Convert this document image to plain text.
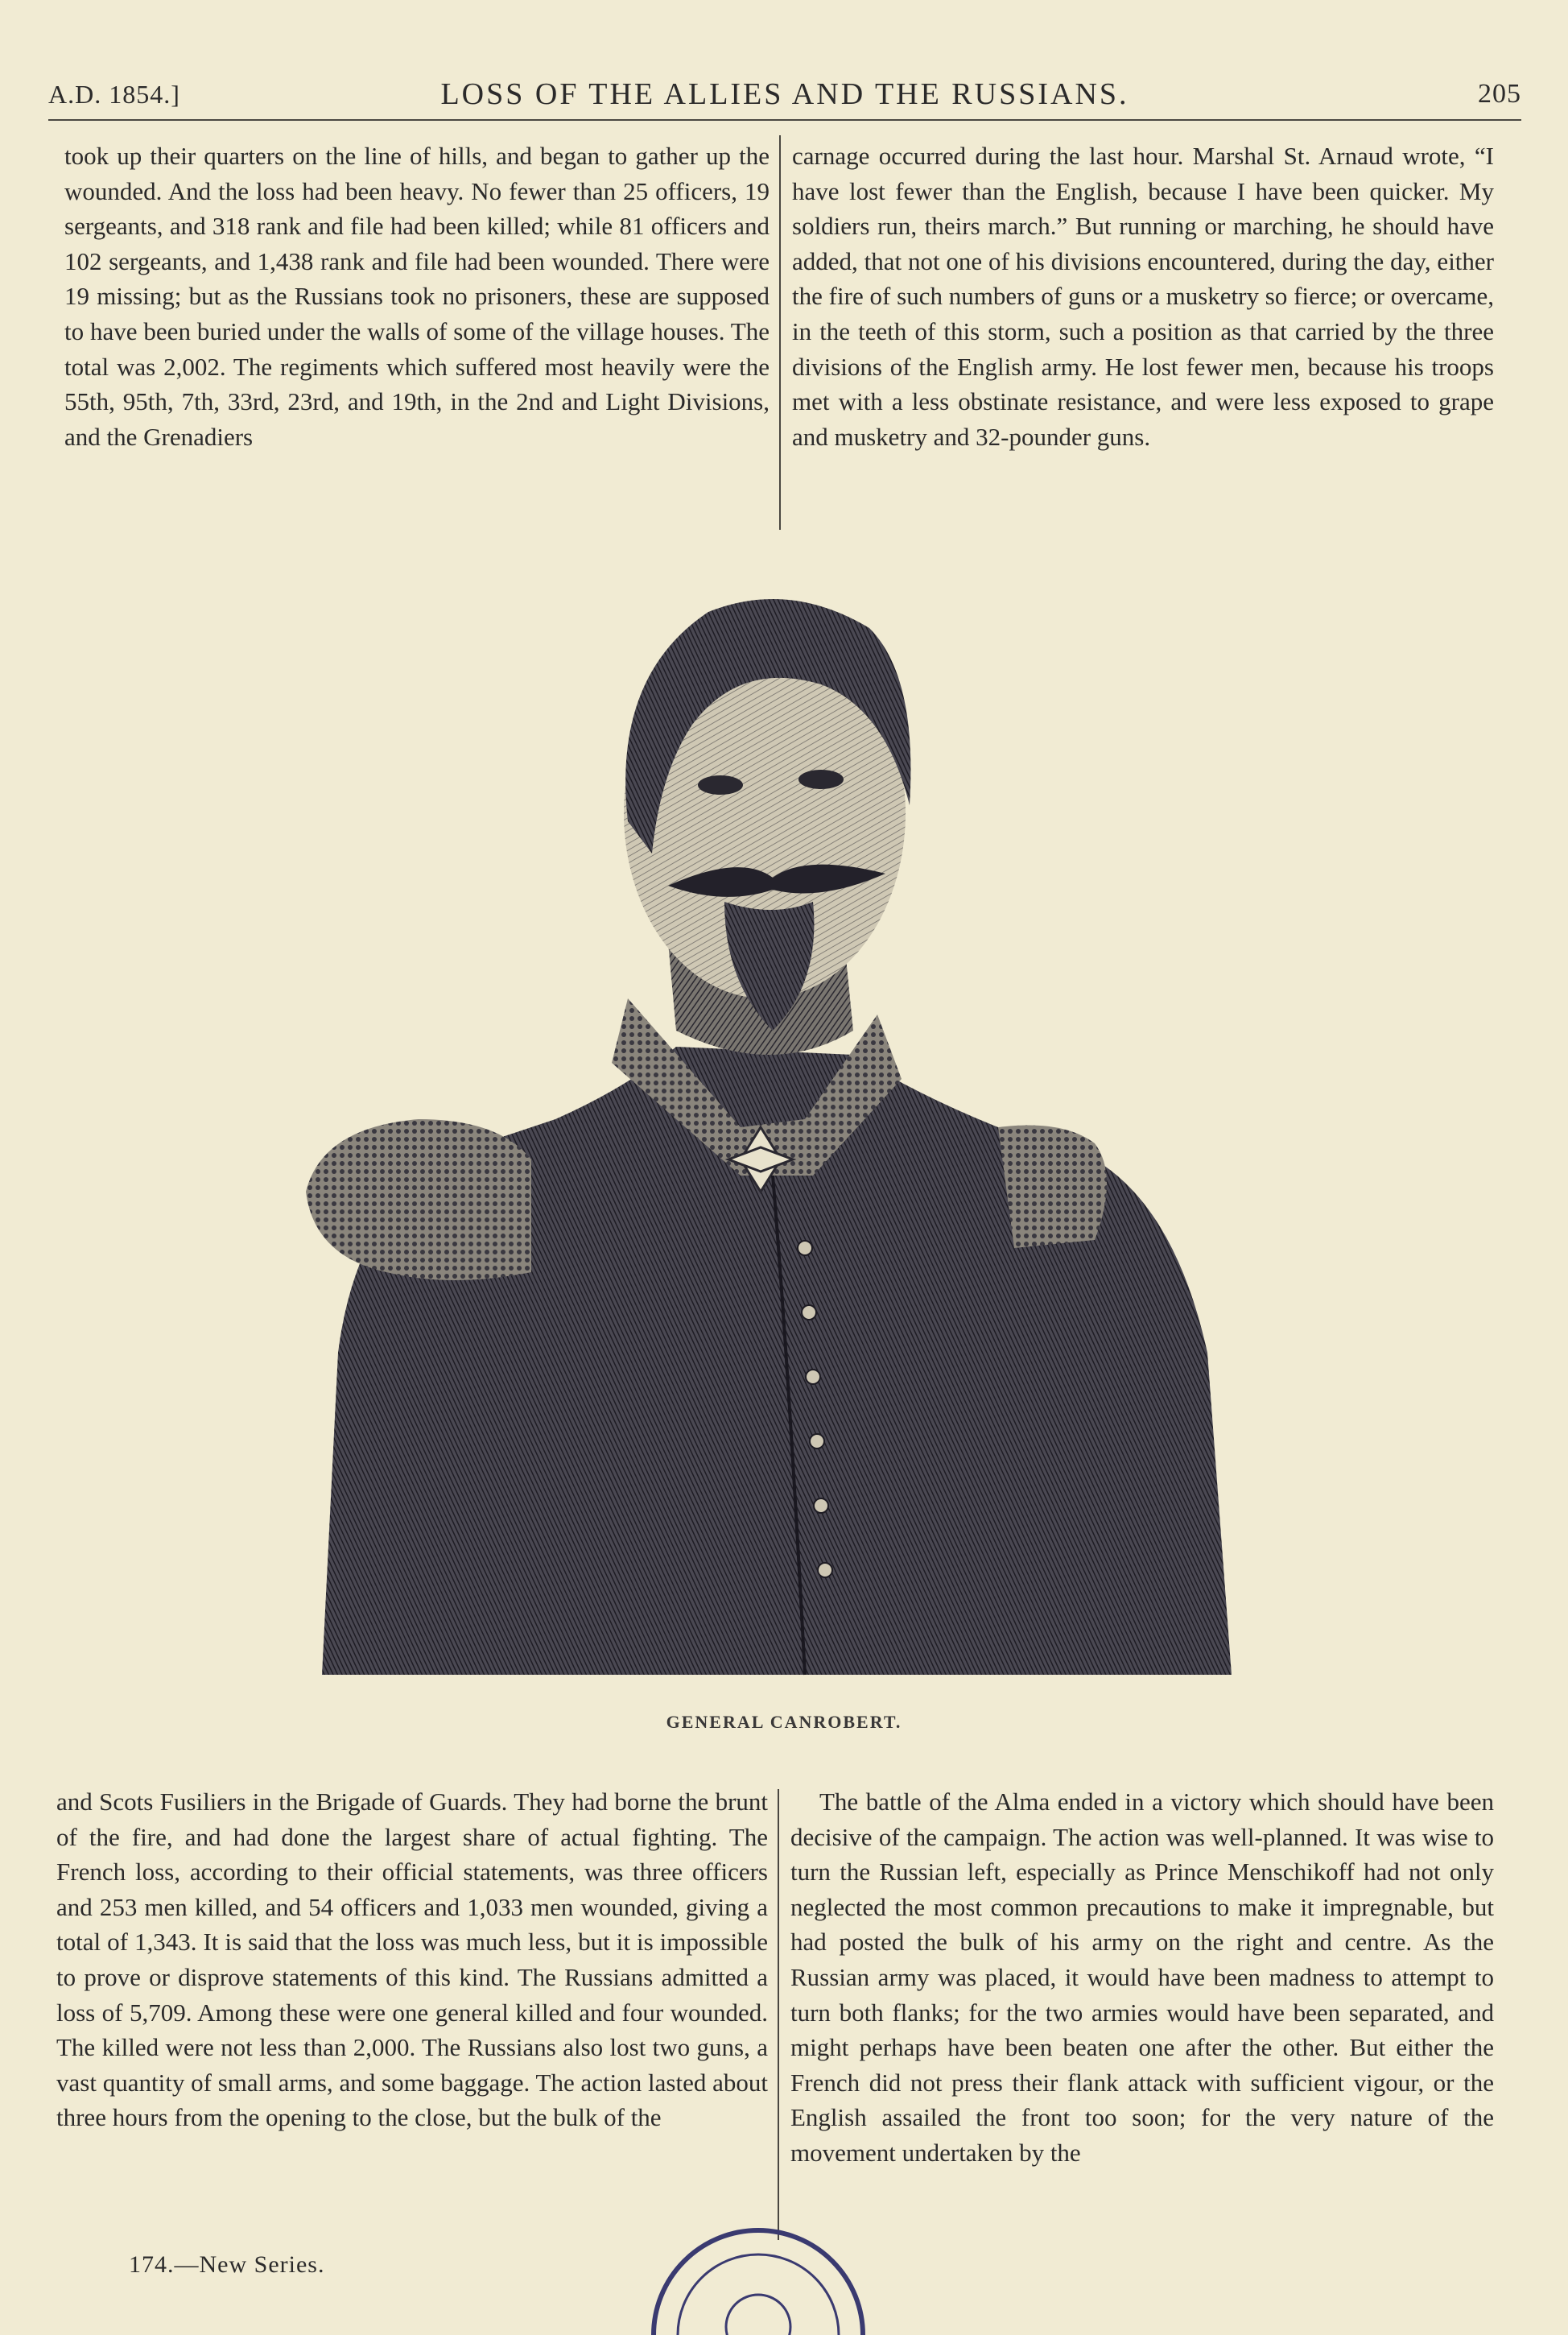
A.D. 1854.]	LOSS OF THE ALLIES AND THE RUSSIANS.	205

took up their quarters on the line of hills, and began to gather up the wounded. And the loss had been heavy. No fewer than 25 officers, 19 sergeants, and 318 rank and file had been killed; while 81 officers and 102 sergeants, and 1,438 rank and file had been wounded. There were 19 missing; but as the Russians took no prisoners, these are supposed to have been buried under the walls of some of the village houses. The total was 2,002. The regiments which suffered most heavily were the 55th, 95th, 7th, 33rd, 23rd, and 19th, in the 2nd and Light Divisions, and the Grenadiers

carnage occurred during the last hour. Marshal St. Arnaud wrote, “I have lost fewer than the English, because I have been quicker. My soldiers run, theirs march.” But running or marching, he should have added, that not one of his divisions encountered, during the day, either the fire of such numbers of guns or a musketry so fierce; or overcame, in the teeth of this storm, such a position as that carried by the three divisions of the English army. He lost fewer men, because his troops met with a less obstinate resistance, and were less exposed to grape and musketry and 32-pounder guns.

GENERAL CANROBERT.

and Scots Fusiliers in the Brigade of Guards. They had borne the brunt of the fire, and had done the largest share of actual fighting. The French loss, according to their official statements, was three officers and 253 men killed, and 54 officers and 1,033 men wounded, giving a total of 1,343. It is said that the loss was much less, but it is impossible to prove or disprove statements of this kind. The Russians admitted a loss of 5,709. Among these were one general killed and four wounded. The killed were not less than 2,000. The Russians also lost two guns, a vast quantity of small arms, and some baggage. The action lasted about three hours from the opening to the close, but the bulk of the

The battle of the Alma ended in a victory which should have been decisive of the campaign. The action was well-planned. It was wise to turn the Russian left, especially as Prince Menschikoff had not only neglected the most common precautions to make it impregnable, but had posted the bulk of his army on the right and centre. As the Russian army was placed, it would have been madness to attempt to turn both flanks; for the two armies would have been separated, and might perhaps have been beaten one after the other. But either the French did not press their flank attack with sufficient vigour, or the English assailed the front too soon; for the very nature of the movement undertaken by the

174.—New Series.
